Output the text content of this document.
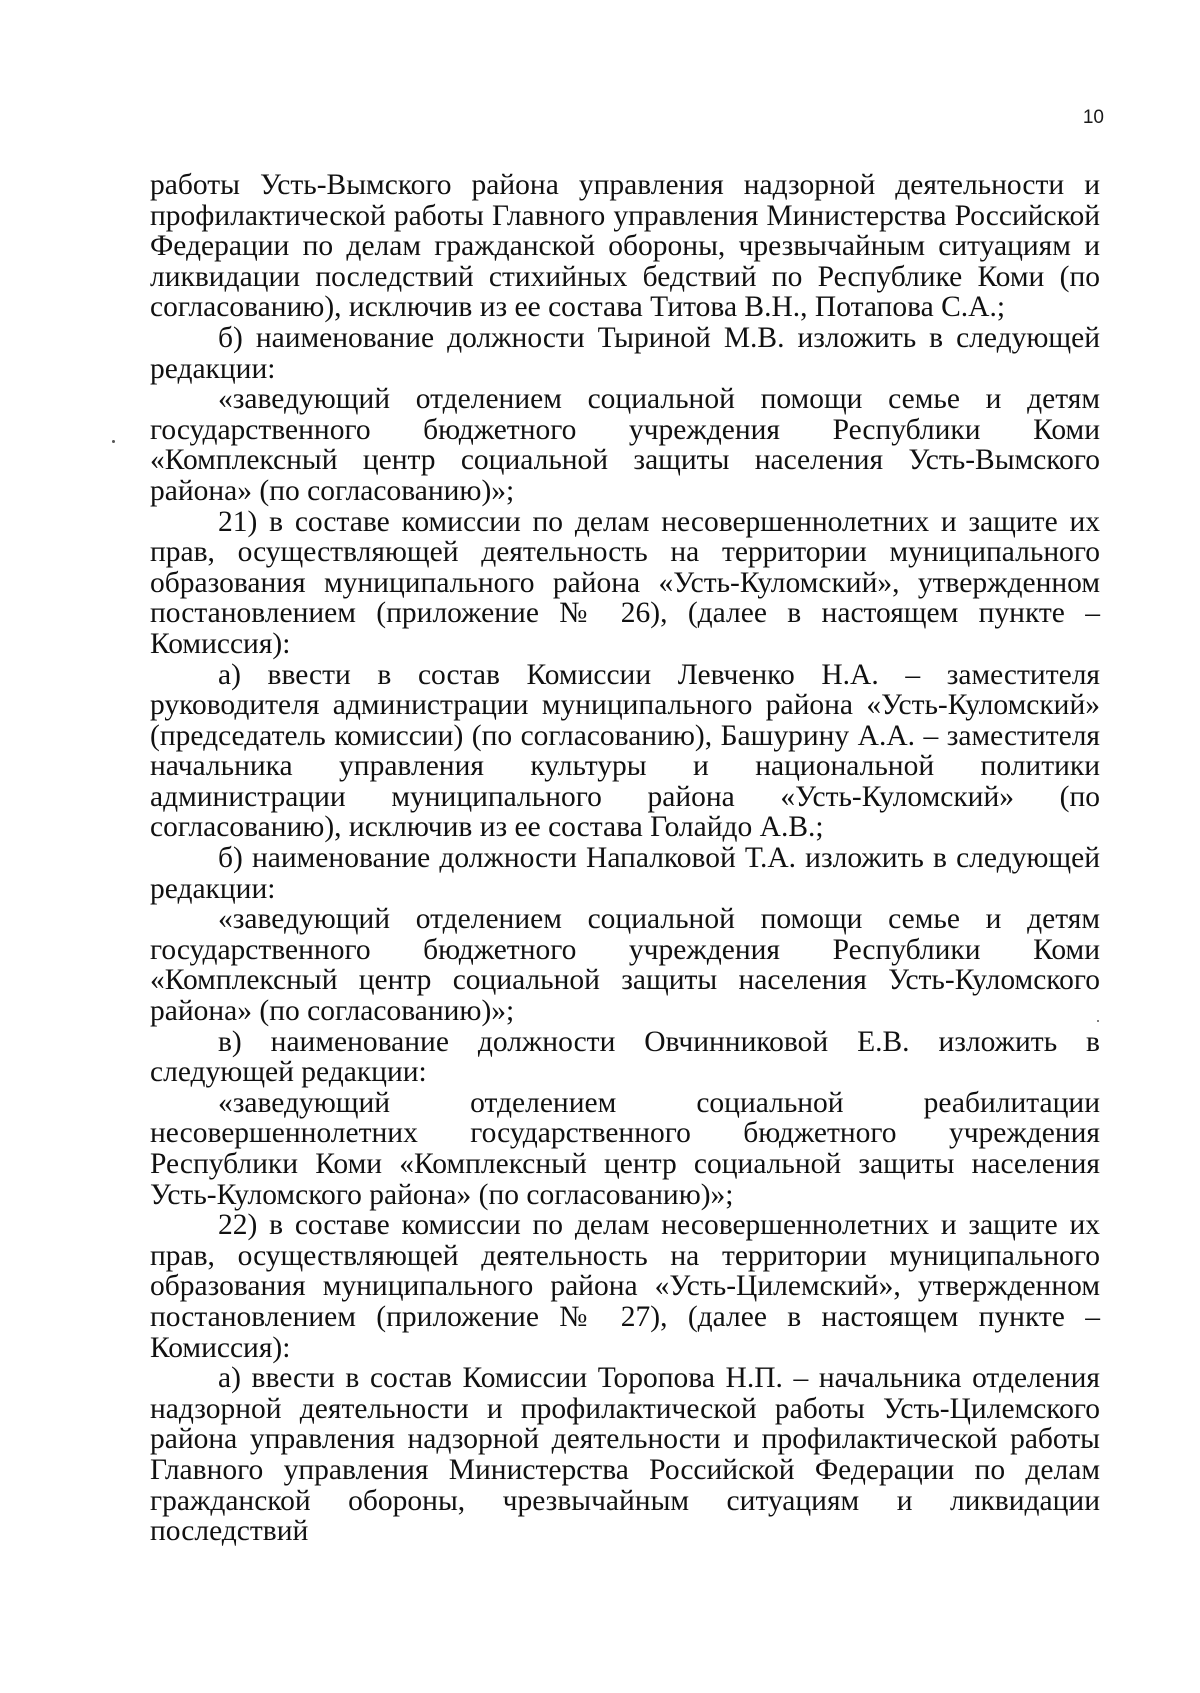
10

работы Усть-Вымского района управления надзорной деятельности и профилактической работы Главного управления Министерства Российской Федерации по делам гражданской обороны, чрезвычайным ситуациям и ликвидации последствий стихийных бедствий по Республике Коми (по согласованию), исключив из ее состава Титова В.Н., Потапова С.А.;

б) наименование должности Тыриной М.В. изложить в следующей редакции:

«заведующий отделением социальной помощи семье и детям государственного бюджетного учреждения Республики Коми «Комплексный центр социальной защиты населения Усть-Вымского района» (по согласованию)»;

21) в составе комиссии по делам несовершеннолетних и защите их прав, осуществляющей деятельность на территории муниципального образования муниципального района «Усть-Куломский», утвержденном постановлением (приложение № 26), (далее в настоящем пункте – Комиссия):

а) ввести в состав Комиссии Левченко Н.А. – заместителя руководителя администрации муниципального района «Усть-Куломский» (председатель комиссии) (по согласованию), Башурину А.А. – заместителя начальника управления культуры и национальной политики администрации муниципального района «Усть-Куломский» (по согласованию), исключив из ее состава Голайдо А.В.;

б) наименование должности Напалковой Т.А. изложить в следующей редакции:

«заведующий отделением социальной помощи семье и детям государственного бюджетного учреждения Республики Коми «Комплексный центр социальной защиты населения Усть-Куломского района» (по согласованию)»;

в) наименование должности Овчинниковой Е.В. изложить в следующей редакции:

«заведующий отделением социальной реабилитации несовершеннолетних государственного бюджетного учреждения Республики Коми «Комплексный центр социальной защиты населения Усть-Куломского района» (по согласованию)»;

22) в составе комиссии по делам несовершеннолетних и защите их прав, осуществляющей деятельность на территории муниципального образования муниципального района «Усть-Цилемский», утвержденном постановлением (приложение № 27), (далее в настоящем пункте – Комиссия):

а) ввести в состав Комиссии Торопова Н.П. – начальника отделения надзорной деятельности и профилактической работы Усть-Цилемского района управления надзорной деятельности и профилактической работы Главного управления Министерства Российской Федерации по делам гражданской обороны, чрезвычайным ситуациям и ликвидации последствий
